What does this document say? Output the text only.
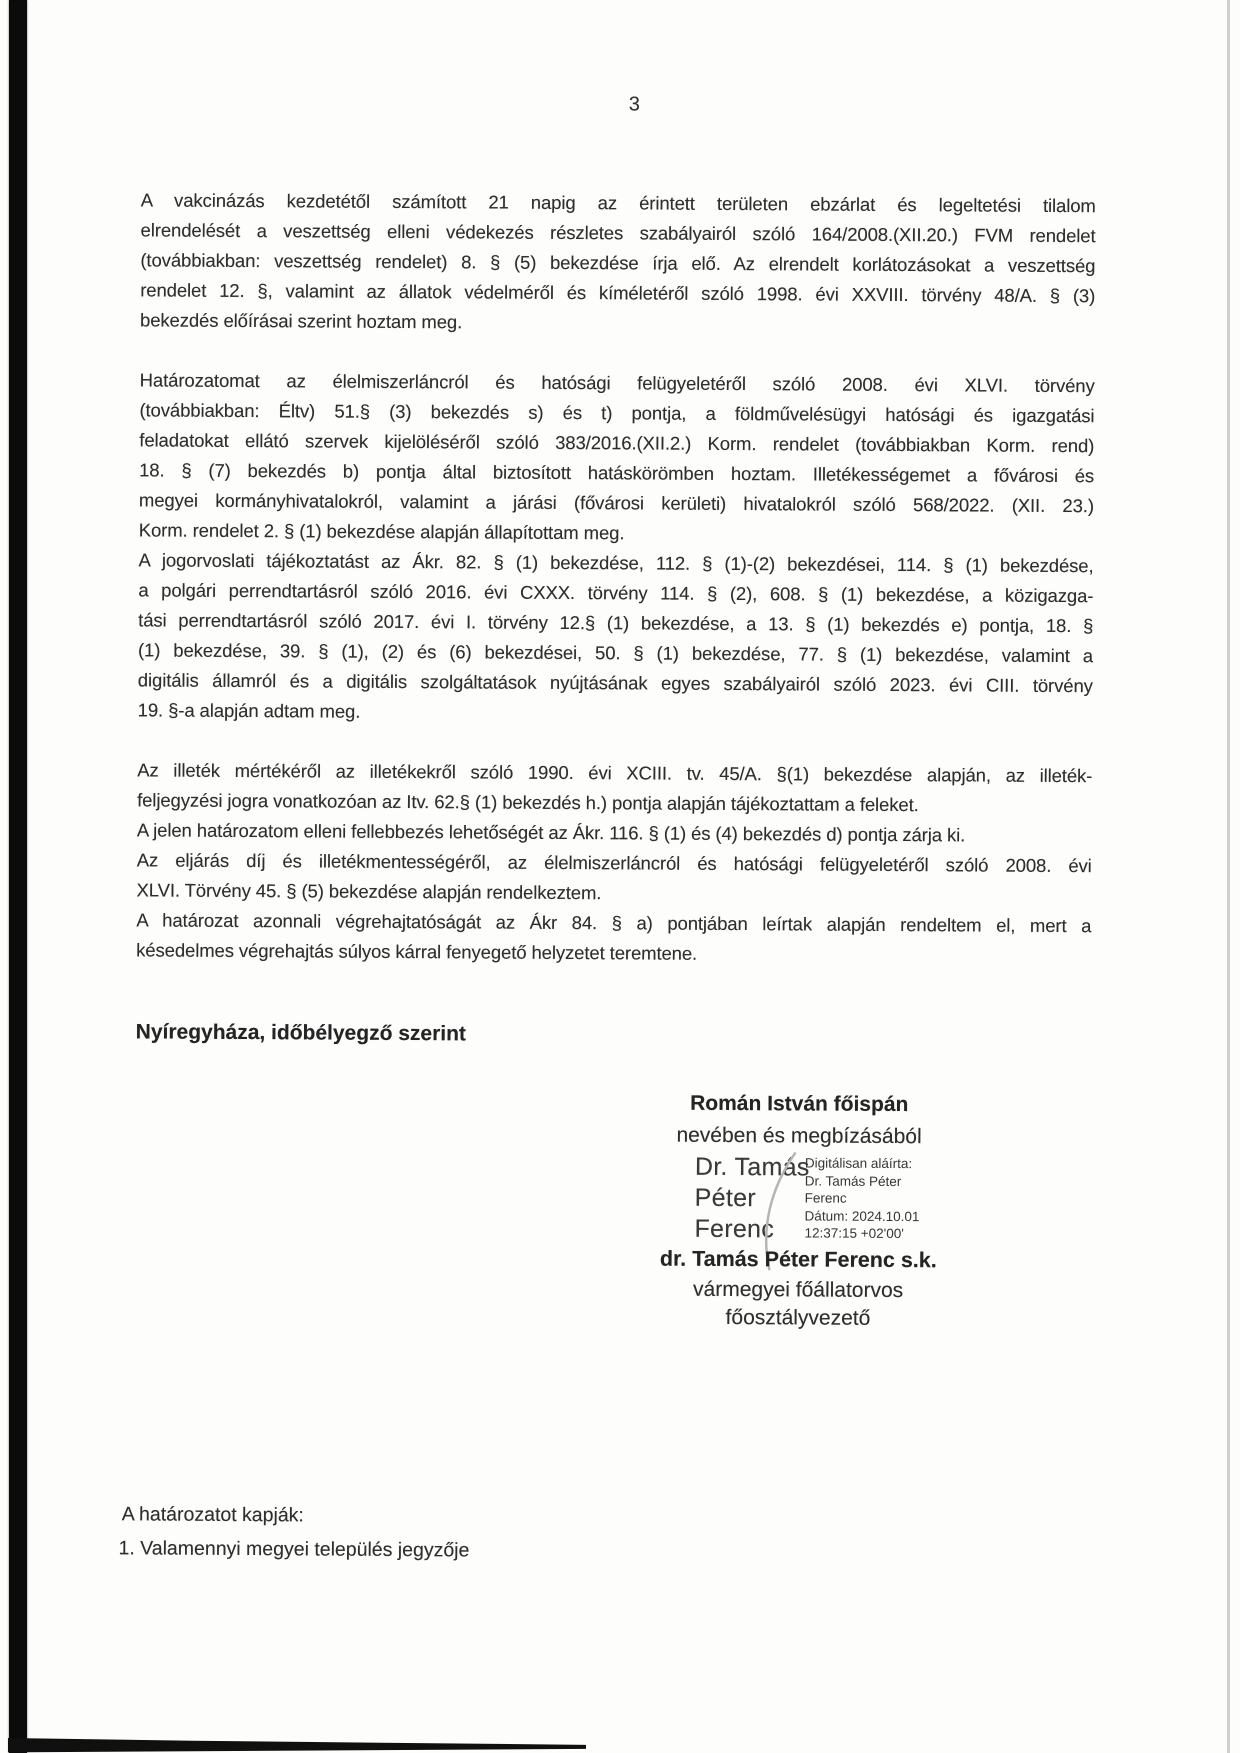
3
A vakcinázás kezdetétől számított 21 napig az érintett területen ebzárlat és legeltetési tilalom
elrendelését a veszettség elleni védekezés részletes szabályairól szóló 164/2008.(XII.20.) FVM rendelet
(továbbiakban: veszettség rendelet) 8. § (5) bekezdése írja elő. Az elrendelt korlátozásokat a veszettség
rendelet 12. §, valamint az állatok védelméről és kíméletéről szóló 1998. évi XXVIII. törvény 48/A. § (3)
bekezdés előírásai szerint hoztam meg.
Határozatomat az élelmiszerláncról és hatósági felügyeletéről szóló 2008. évi XLVI. törvény
(továbbiakban: Éltv) 51.§ (3) bekezdés s) és t) pontja, a földművelésügyi hatósági és igazgatási
feladatokat ellátó szervek kijelöléséről szóló 383/2016.(XII.2.) Korm. rendelet (továbbiakban Korm. rend)
18. § (7) bekezdés b) pontja által biztosított hatáskörömben hoztam. Illetékességemet a fővárosi és
megyei kormányhivatalokról, valamint a járási (fővárosi kerületi) hivatalokról szóló 568/2022. (XII. 23.)
Korm. rendelet 2. § (1) bekezdése alapján állapítottam meg.
A jogorvoslati tájékoztatást az Ákr. 82. § (1) bekezdése, 112. § (1)-(2) bekezdései, 114. § (1) bekezdése,
a polgári perrendtartásról szóló 2016. évi CXXX. törvény 114. § (2), 608. § (1) bekezdése, a közigazga-
tási perrendtartásról szóló 2017. évi I. törvény 12.§ (1) bekezdése, a 13. § (1) bekezdés e) pontja, 18. §
(1) bekezdése, 39. § (1), (2) és (6) bekezdései, 50. § (1) bekezdése, 77. § (1) bekezdése, valamint a
digitális államról és a digitális szolgáltatások nyújtásának egyes szabályairól szóló 2023. évi CIII. törvény
19. §-a alapján adtam meg.
Az illeték mértékéről az illetékekről szóló 1990. évi XCIII. tv. 45/A. §(1) bekezdése alapján, az illeték-
feljegyzési jogra vonatkozóan az Itv. 62.§ (1) bekezdés h.) pontja alapján tájékoztattam a feleket.
A jelen határozatom elleni fellebbezés lehetőségét az Ákr. 116. § (1) és (4) bekezdés d) pontja zárja ki.
Az eljárás díj és illetékmentességéről, az élelmiszerláncról és hatósági felügyeletéről szóló 2008. évi
XLVI. Törvény 45. § (5) bekezdése alapján rendelkeztem.
A határozat azonnali végrehajtatóságát az Ákr 84. § a) pontjában leírtak alapján rendeltem el, mert a
késedelmes végrehajtás súlyos kárral fenyegető helyzetet teremtene.
Nyíregyháza, időbélyegző szerint
Román István főispán
nevében és megbízásából
Dr. Tamás
Péter
Ferenc
Digitálisan aláírta:
Dr. Tamás Péter
Ferenc
Dátum: 2024.10.01
12:37:15 +02'00'
dr. Tamás Péter Ferenc s.k.
vármegyei főállatorvos
főosztályvezető
A határozatot kapják:
1. Valamennyi megyei település jegyzője
